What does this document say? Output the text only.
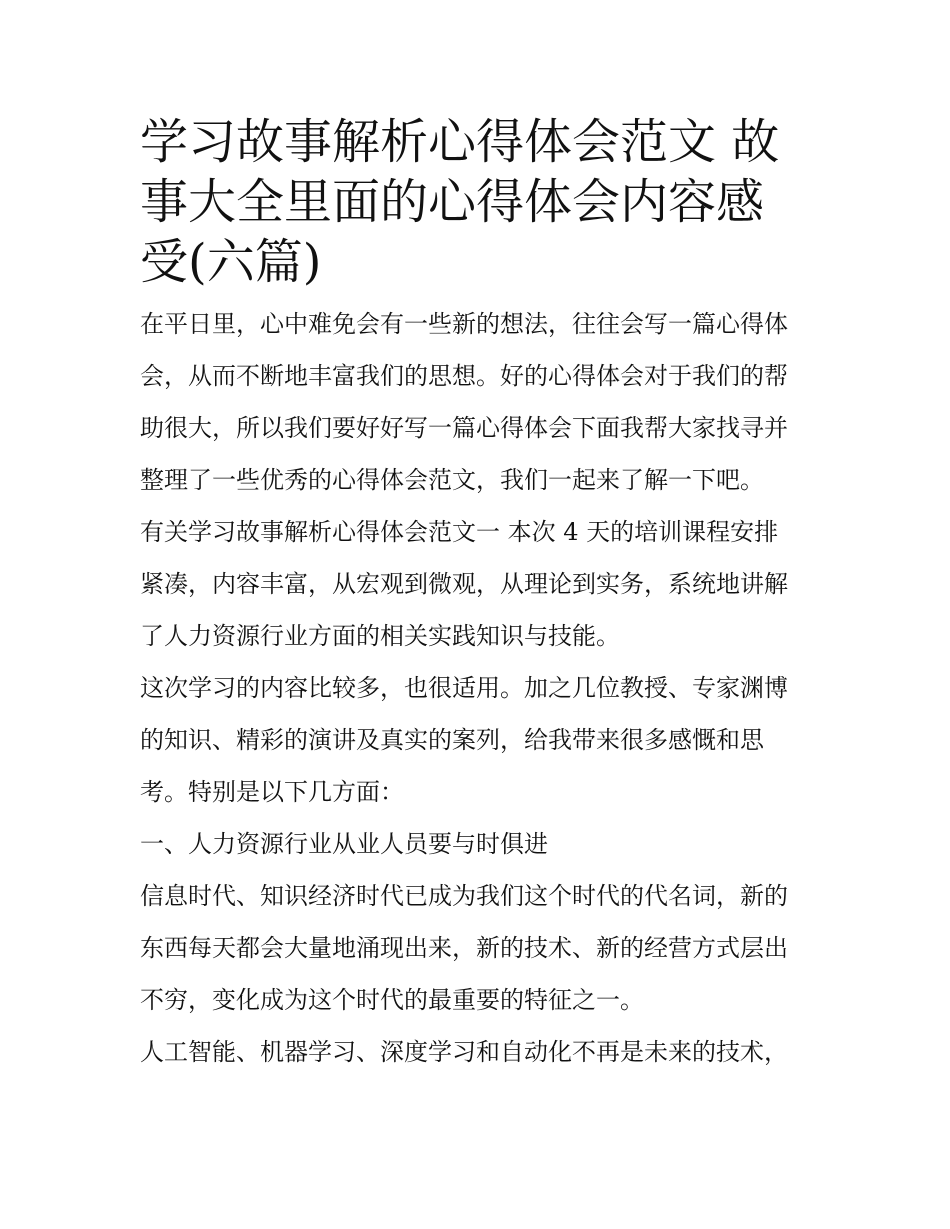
学习故事解析心得体会范文 故
事大全里面的心得体会内容感
受(六篇)

在平日里，心中难免会有一些新的想法，往往会写一篇心得体

会，从而不断地丰富我们的思想。好的心得体会对于我们的帮

助很大，所以我们要好好写一篇心得体会下面我帮大家找寻并

整理了一些优秀的心得体会范文，我们一起来了解一下吧。

有关学习故事解析心得体会范文一 本次 4 天的培训课程安排

紧凑，内容丰富，从宏观到微观，从理论到实务，系统地讲解

了人力资源行业方面的相关实践知识与技能。

这次学习的内容比较多，也很适用。加之几位教授、专家渊博

的知识、精彩的演讲及真实的案列，给我带来很多感慨和思

考。特别是以下几方面：

一、人力资源行业从业人员要与时俱进

信息时代、知识经济时代已成为我们这个时代的代名词，新的

东西每天都会大量地涌现出来，新的技术、新的经营方式层出

不穷，变化成为这个时代的最重要的特征之一。

人工智能、机器学习、深度学习和自动化不再是未来的技术，
